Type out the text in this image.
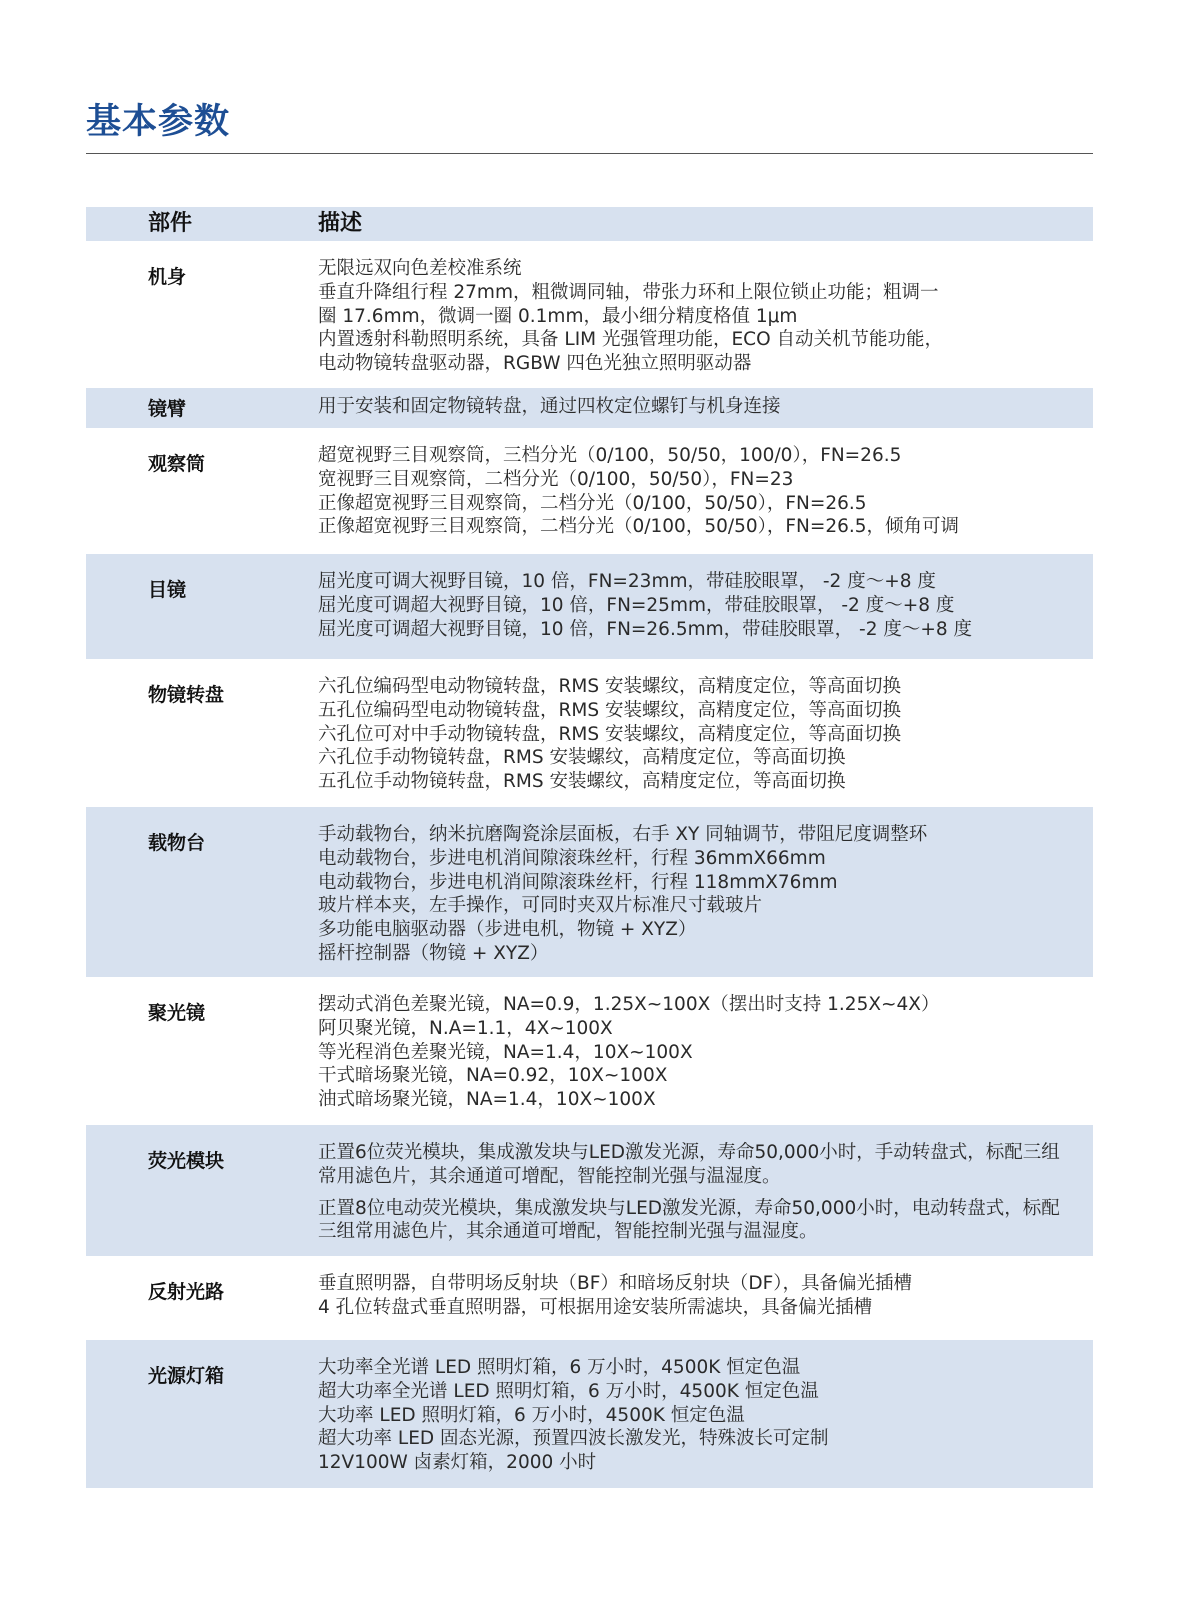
基本参数
部件	描述
机身	无限远双向色差校准系统
垂直升降组行程 27mm，粗微调同轴，带张力环和上限位锁止功能；粗调一
圈 17.6mm，微调一圈 0.1mm，最小细分精度格值 1μm
内置透射科勒照明系统，具备 LIM 光强管理功能，ECO 自动关机节能功能，
电动物镜转盘驱动器，RGBW 四色光独立照明驱动器
镜臂	用于安装和固定物镜转盘，通过四枚定位螺钉与机身连接
观察筒	超宽视野三目观察筒，三档分光（0/100，50/50，100/0），FN=26.5
宽视野三目观察筒，二档分光（0/100，50/50），FN=23
正像超宽视野三目观察筒，二档分光（0/100，50/50），FN=26.5
正像超宽视野三目观察筒，二档分光（0/100，50/50），FN=26.5，倾角可调
目镜	屈光度可调大视野目镜，10 倍，FN=23mm，带硅胶眼罩， -2 度～+8 度
屈光度可调超大视野目镜，10 倍，FN=25mm，带硅胶眼罩， -2 度～+8 度
屈光度可调超大视野目镜，10 倍，FN=26.5mm，带硅胶眼罩， -2 度～+8 度
物镜转盘	六孔位编码型电动物镜转盘，RMS 安装螺纹，高精度定位，等高面切换
五孔位编码型电动物镜转盘，RMS 安装螺纹，高精度定位，等高面切换
六孔位可对中手动物镜转盘，RMS 安装螺纹，高精度定位，等高面切换
六孔位手动物镜转盘，RMS 安装螺纹，高精度定位，等高面切换
五孔位手动物镜转盘，RMS 安装螺纹，高精度定位，等高面切换
载物台	手动载物台，纳米抗磨陶瓷涂层面板，右手 XY 同轴调节，带阻尼度调整环
电动载物台，步进电机消间隙滚珠丝杆，行程 36mmX66mm
电动载物台，步进电机消间隙滚珠丝杆，行程 118mmX76mm
玻片样本夹，左手操作，可同时夹双片标准尺寸载玻片
多功能电脑驱动器（步进电机，物镜 + XYZ）
摇杆控制器（物镜 + XYZ）
聚光镜	摆动式消色差聚光镜，NA=0.9，1.25X~100X（摆出时支持 1.25X~4X）
阿贝聚光镜，N.A=1.1，4X~100X
等光程消色差聚光镜，NA=1.4，10X~100X
干式暗场聚光镜，NA=0.92，10X~100X
油式暗场聚光镜，NA=1.4，10X~100X
荧光模块	正置6位荧光模块，集成激发块与LED激发光源，寿命50,000小时，手动转盘式，标配三组常用滤色片，其余通道可增配，智能控制光强与温湿度。
正置8位电动荧光模块，集成激发块与LED激发光源，寿命50,000小时，电动转盘式，标配三组常用滤色片，其余通道可增配，智能控制光强与温湿度。
反射光路	垂直照明器，自带明场反射块（BF）和暗场反射块（DF），具备偏光插槽
4 孔位转盘式垂直照明器，可根据用途安装所需滤块，具备偏光插槽
光源灯箱	大功率全光谱 LED 照明灯箱，6 万小时，4500K 恒定色温
超大功率全光谱 LED 照明灯箱，6 万小时，4500K 恒定色温
大功率 LED 照明灯箱，6 万小时，4500K 恒定色温
超大功率 LED 固态光源，预置四波长激发光，特殊波长可定制
12V100W 卤素灯箱，2000 小时
